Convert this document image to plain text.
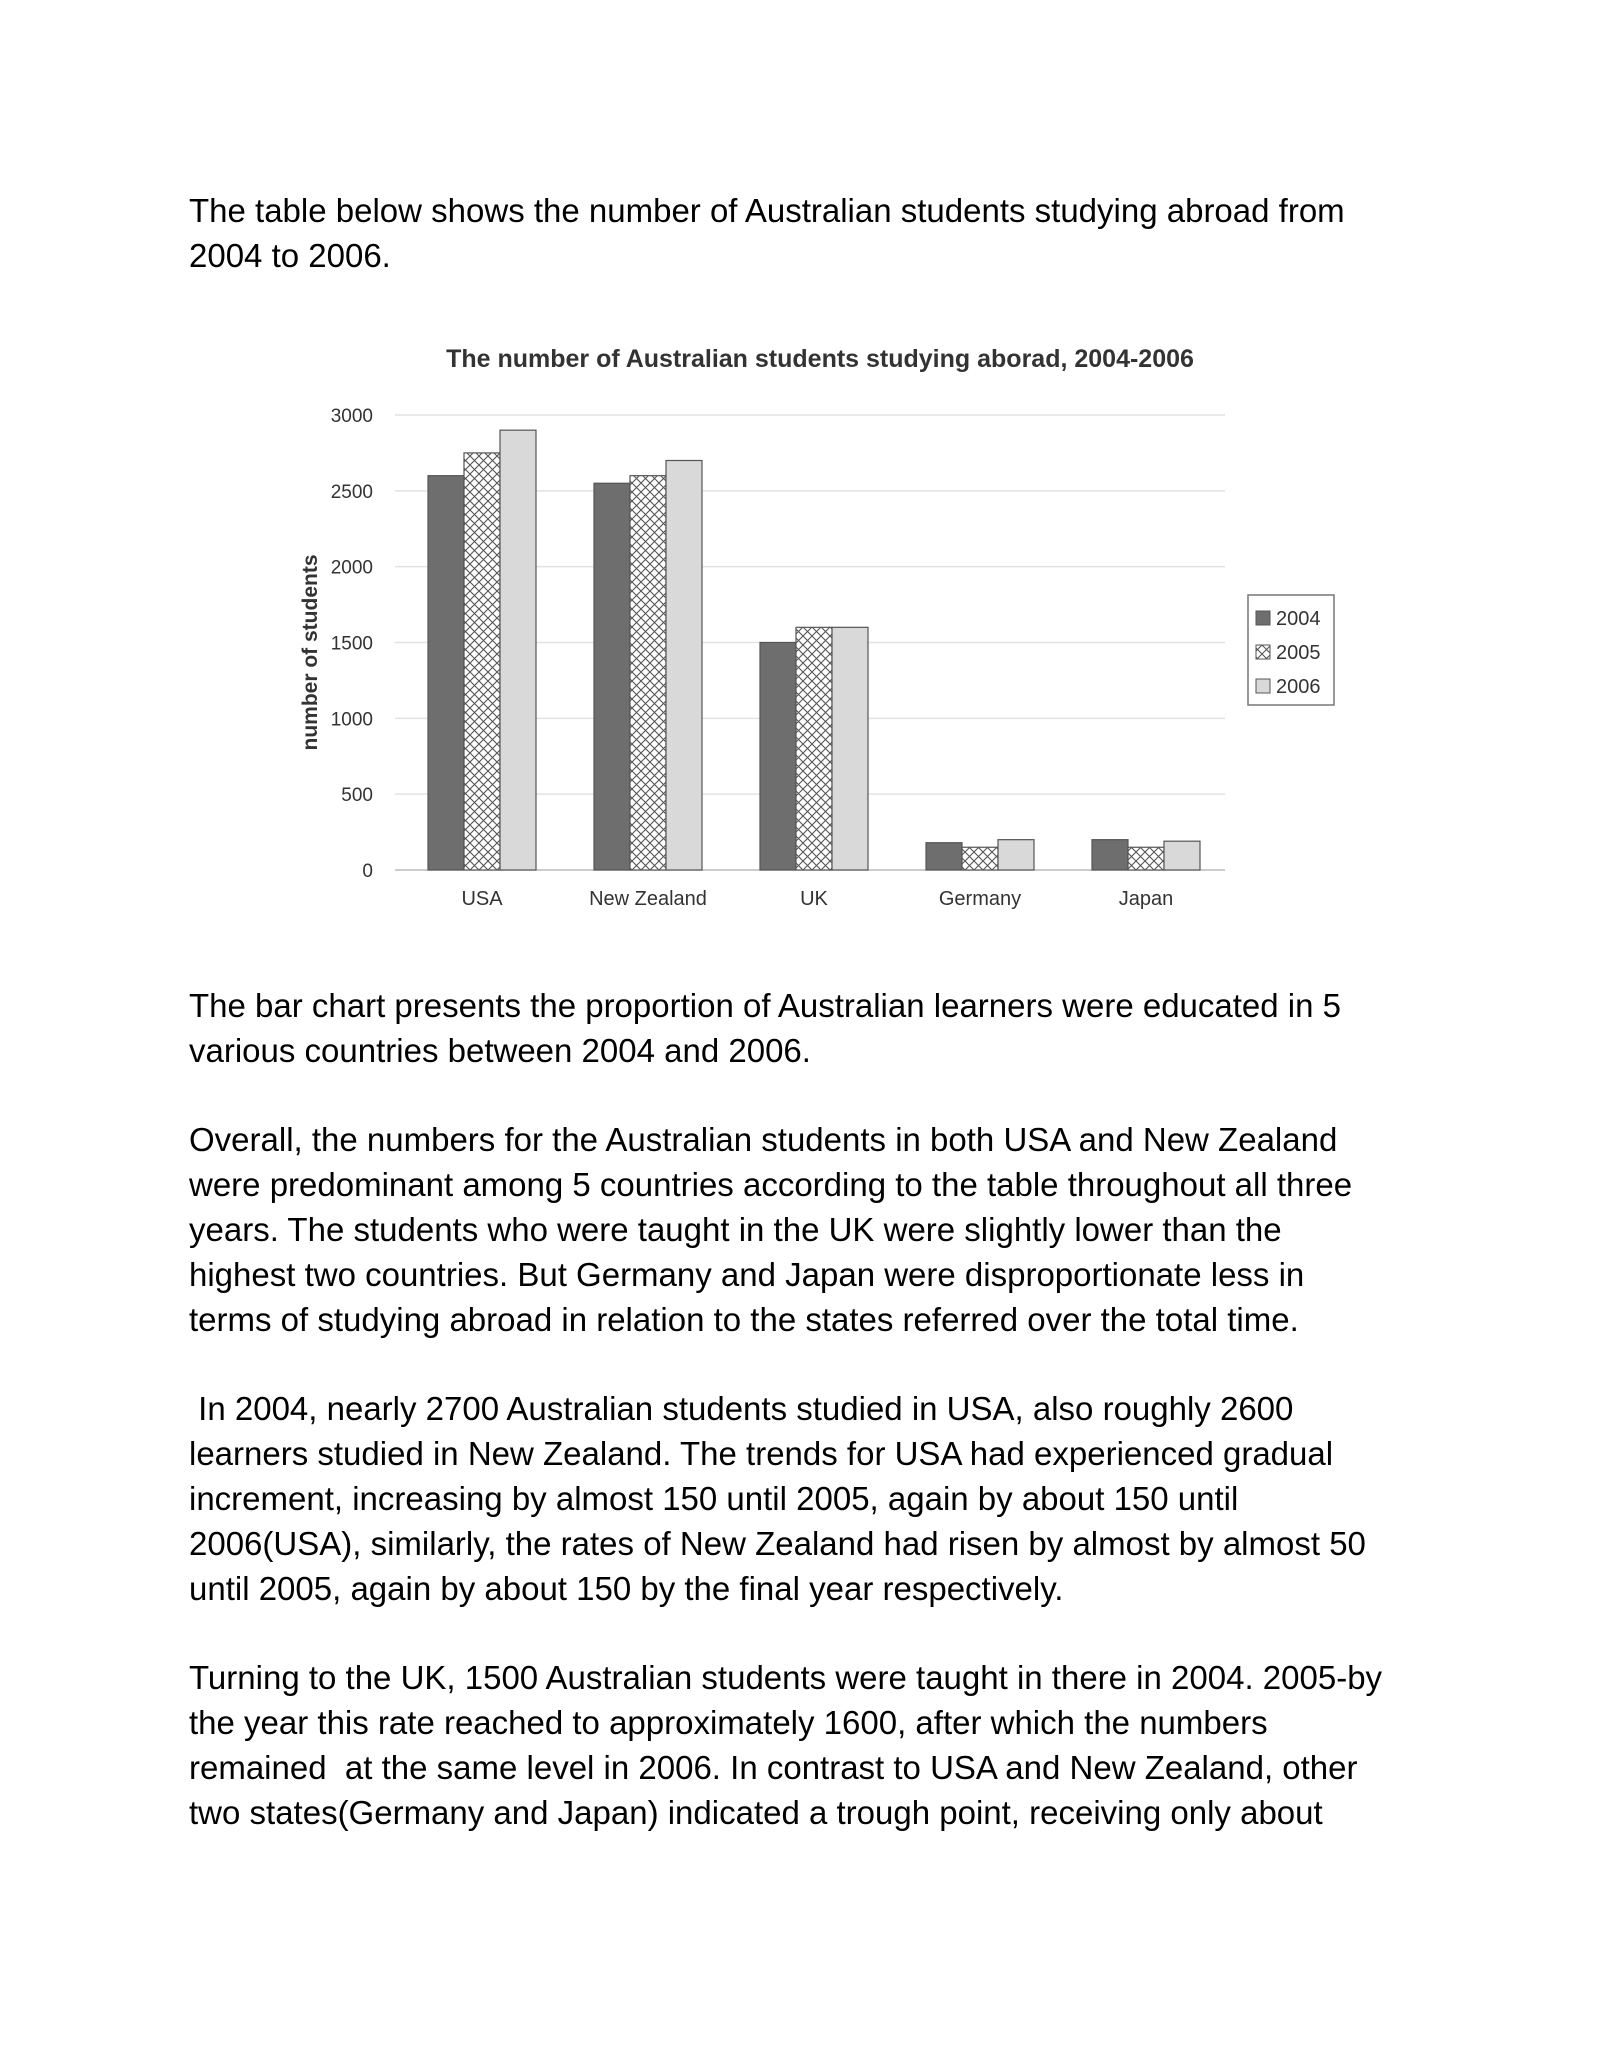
The table below shows the number of Australian students studying abroad from
2004 to 2006.

The number of Australian students studying aborad, 2004-2006
0
500
1000
1500
2000
2500
3000
number of students
USA	New Zealand	UK	Germany	Japan
2004
2005
2006

The bar chart presents the proportion of Australian learners were educated in 5
various countries between 2004 and 2006.

Overall, the numbers for the Australian students in both USA and New Zealand
were predominant among 5 countries according to the table throughout all three
years. The students who were taught in the UK were slightly lower than the
highest two countries. But Germany and Japan were disproportionate less in
terms of studying abroad in relation to the states referred over the total time.

In 2004, nearly 2700 Australian students studied in USA, also roughly 2600
learners studied in New Zealand. The trends for USA had experienced gradual
increment, increasing by almost 150 until 2005, again by about 150 until
2006(USA), similarly, the rates of New Zealand had risen by almost by almost 50
until 2005, again by about 150 by the final year respectively.

Turning to the UK, 1500 Australian students were taught in there in 2004. 2005-by
the year this rate reached to approximately 1600, after which the numbers
remained  at the same level in 2006. In contrast to USA and New Zealand, other
two states(Germany and Japan) indicated a trough point, receiving only about
